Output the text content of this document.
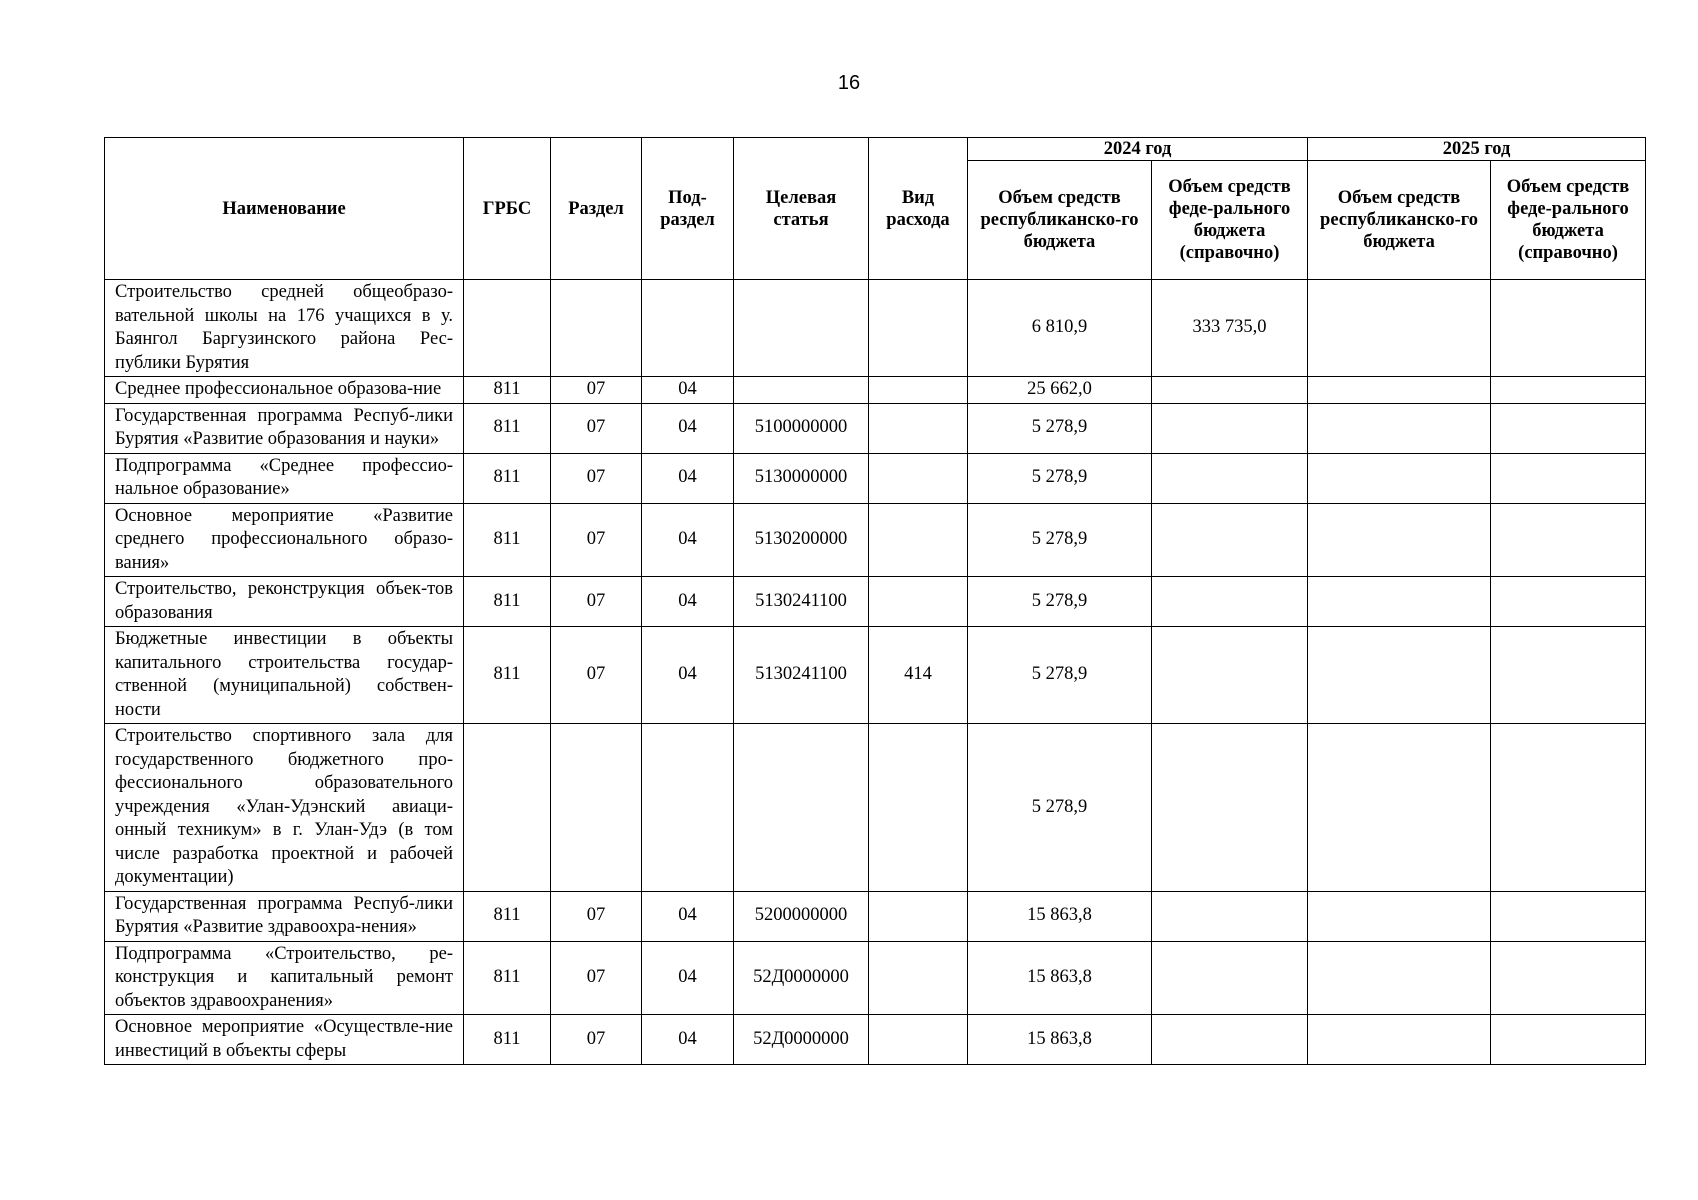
16
Наименование	ГРБС	Раздел	Под-раздел	Целевая статья	Вид расхода	2024 год		2025 год	
						Объем средств республиканско-го бюджета	Объем средств феде-рального бюджета (справочно)	Объем средств республиканско-го бюджета	Объем средств феде-рального бюджета (справочно)
Строительство средней общеобразо-вательной школы на 176 учащихся в у. Баянгол Баргузинского района Рес-публики Бурятия						6 810,9	333 735,0		
Среднее профессиональное образова-ние	811	07	04			25 662,0			
Государственная программа Респуб-лики Бурятия «Развитие образования и науки»	811	07	04	5100000000		5 278,9			
Подпрограмма «Среднее профессио-нальное образование»	811	07	04	5130000000		5 278,9			
Основное мероприятие «Развитие среднего профессионального образо-вания»	811	07	04	5130200000		5 278,9			
Строительство, реконструкция объек-тов образования	811	07	04	5130241100		5 278,9			
Бюджетные инвестиции в объекты капитального строительства государ-ственной (муниципальной) собствен-ности	811	07	04	5130241100	414	5 278,9			
Строительство спортивного зала для государственного бюджетного про-фессионального образовательного учреждения «Улан-Удэнский авиаци-онный техникум» в г. Улан-Удэ (в том числе разработка проектной и рабочей документации)						5 278,9			
Государственная программа Респуб-лики Бурятия «Развитие здравоохра-нения»	811	07	04	5200000000		15 863,8			
Подпрограмма «Строительство, ре-конструкция и капитальный ремонт объектов здравоохранения»	811	07	04	52Д0000000		15 863,8			
Основное мероприятие «Осуществле-ние инвестиций в объекты сферы	811	07	04	52Д0000000		15 863,8			
